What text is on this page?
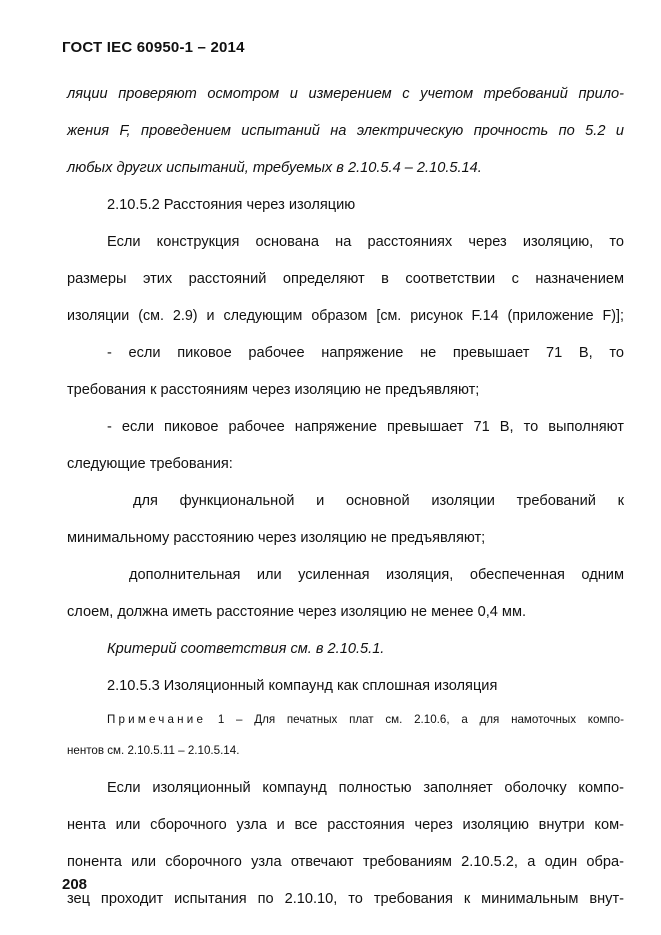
ГОСТ IEC 60950-1 – 2014
ляции проверяют осмотром и измерением с учетом требований прило-
жения F, проведением испытаний на электрическую прочность по 5.2 и
любых других испытаний, требуемых в 2.10.5.4 – 2.10.5.14.
2.10.5.2 Расстояния через изоляцию
Если конструкция основана на расстояниях через изоляцию, то
размеры этих расстояний определяют в соответствии с назначением
изоляции (см. 2.9) и следующим образом [см. рисунок F.14 (приложение F)];
- если пиковое рабочее напряжение не превышает 71 В, то
требования к расстояниям через изоляцию не предъявляют;
- если пиковое рабочее напряжение превышает 71 В, то выполняют
следующие требования:
для функциональной и основной изоляции требований к
минимальному расстоянию через изоляцию не предъявляют;
дополнительная или усиленная изоляция, обеспеченная одним
слоем, должна иметь расстояние через изоляцию не менее 0,4 мм.
Критерий соответствия см. в 2.10.5.1.
2.10.5.3 Изоляционный компаунд как сплошная изоляция
Примечание 1 – Для печатных плат см. 2.10.6, а для намоточных компо-
нентов см. 2.10.5.11 – 2.10.5.14.
Если изоляционный компаунд полностью заполняет оболочку компо-
нента или сборочного узла и все расстояния через изоляцию внутри ком-
понента или сборочного узла отвечают требованиям 2.10.5.2, а один обра-
зец проходит испытания по 2.10.10, то требования к минимальным внут-
208
